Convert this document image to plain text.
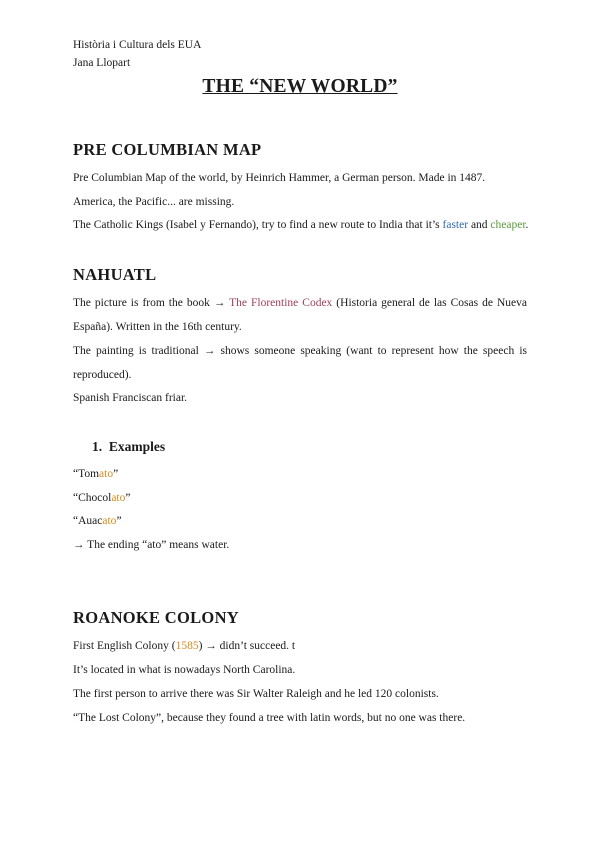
Història i Cultura dels EUA
Jana Llopart
THE “NEW WORLD”
PRE COLUMBIAN MAP
Pre Columbian Map of the world, by Heinrich Hammer, a German person. Made in 1487.
America, the Pacific... are missing.
The Catholic Kings (Isabel y Fernando), try to find a new route to India that it’s faster and cheaper.
NAHUATL
The picture is from the book → The Florentine Codex (Historia general de las Cosas de Nueva
España). Written in the 16th century.
The painting is traditional → shows someone speaking (want to represent how the speech is
reproduced).
Spanish Franciscan friar.
1. Examples
“Tomato”
“Chocolato”
“Auacato”
→ The ending “ato” means water.
ROANOKE COLONY
First English Colony (1585) → didn’t succeed. t
It’s located in what is nowadays North Carolina.
The first person to arrive there was Sir Walter Raleigh and he led 120 colonists.
“The Lost Colony”, because they found a tree with latin words, but no one was there.
